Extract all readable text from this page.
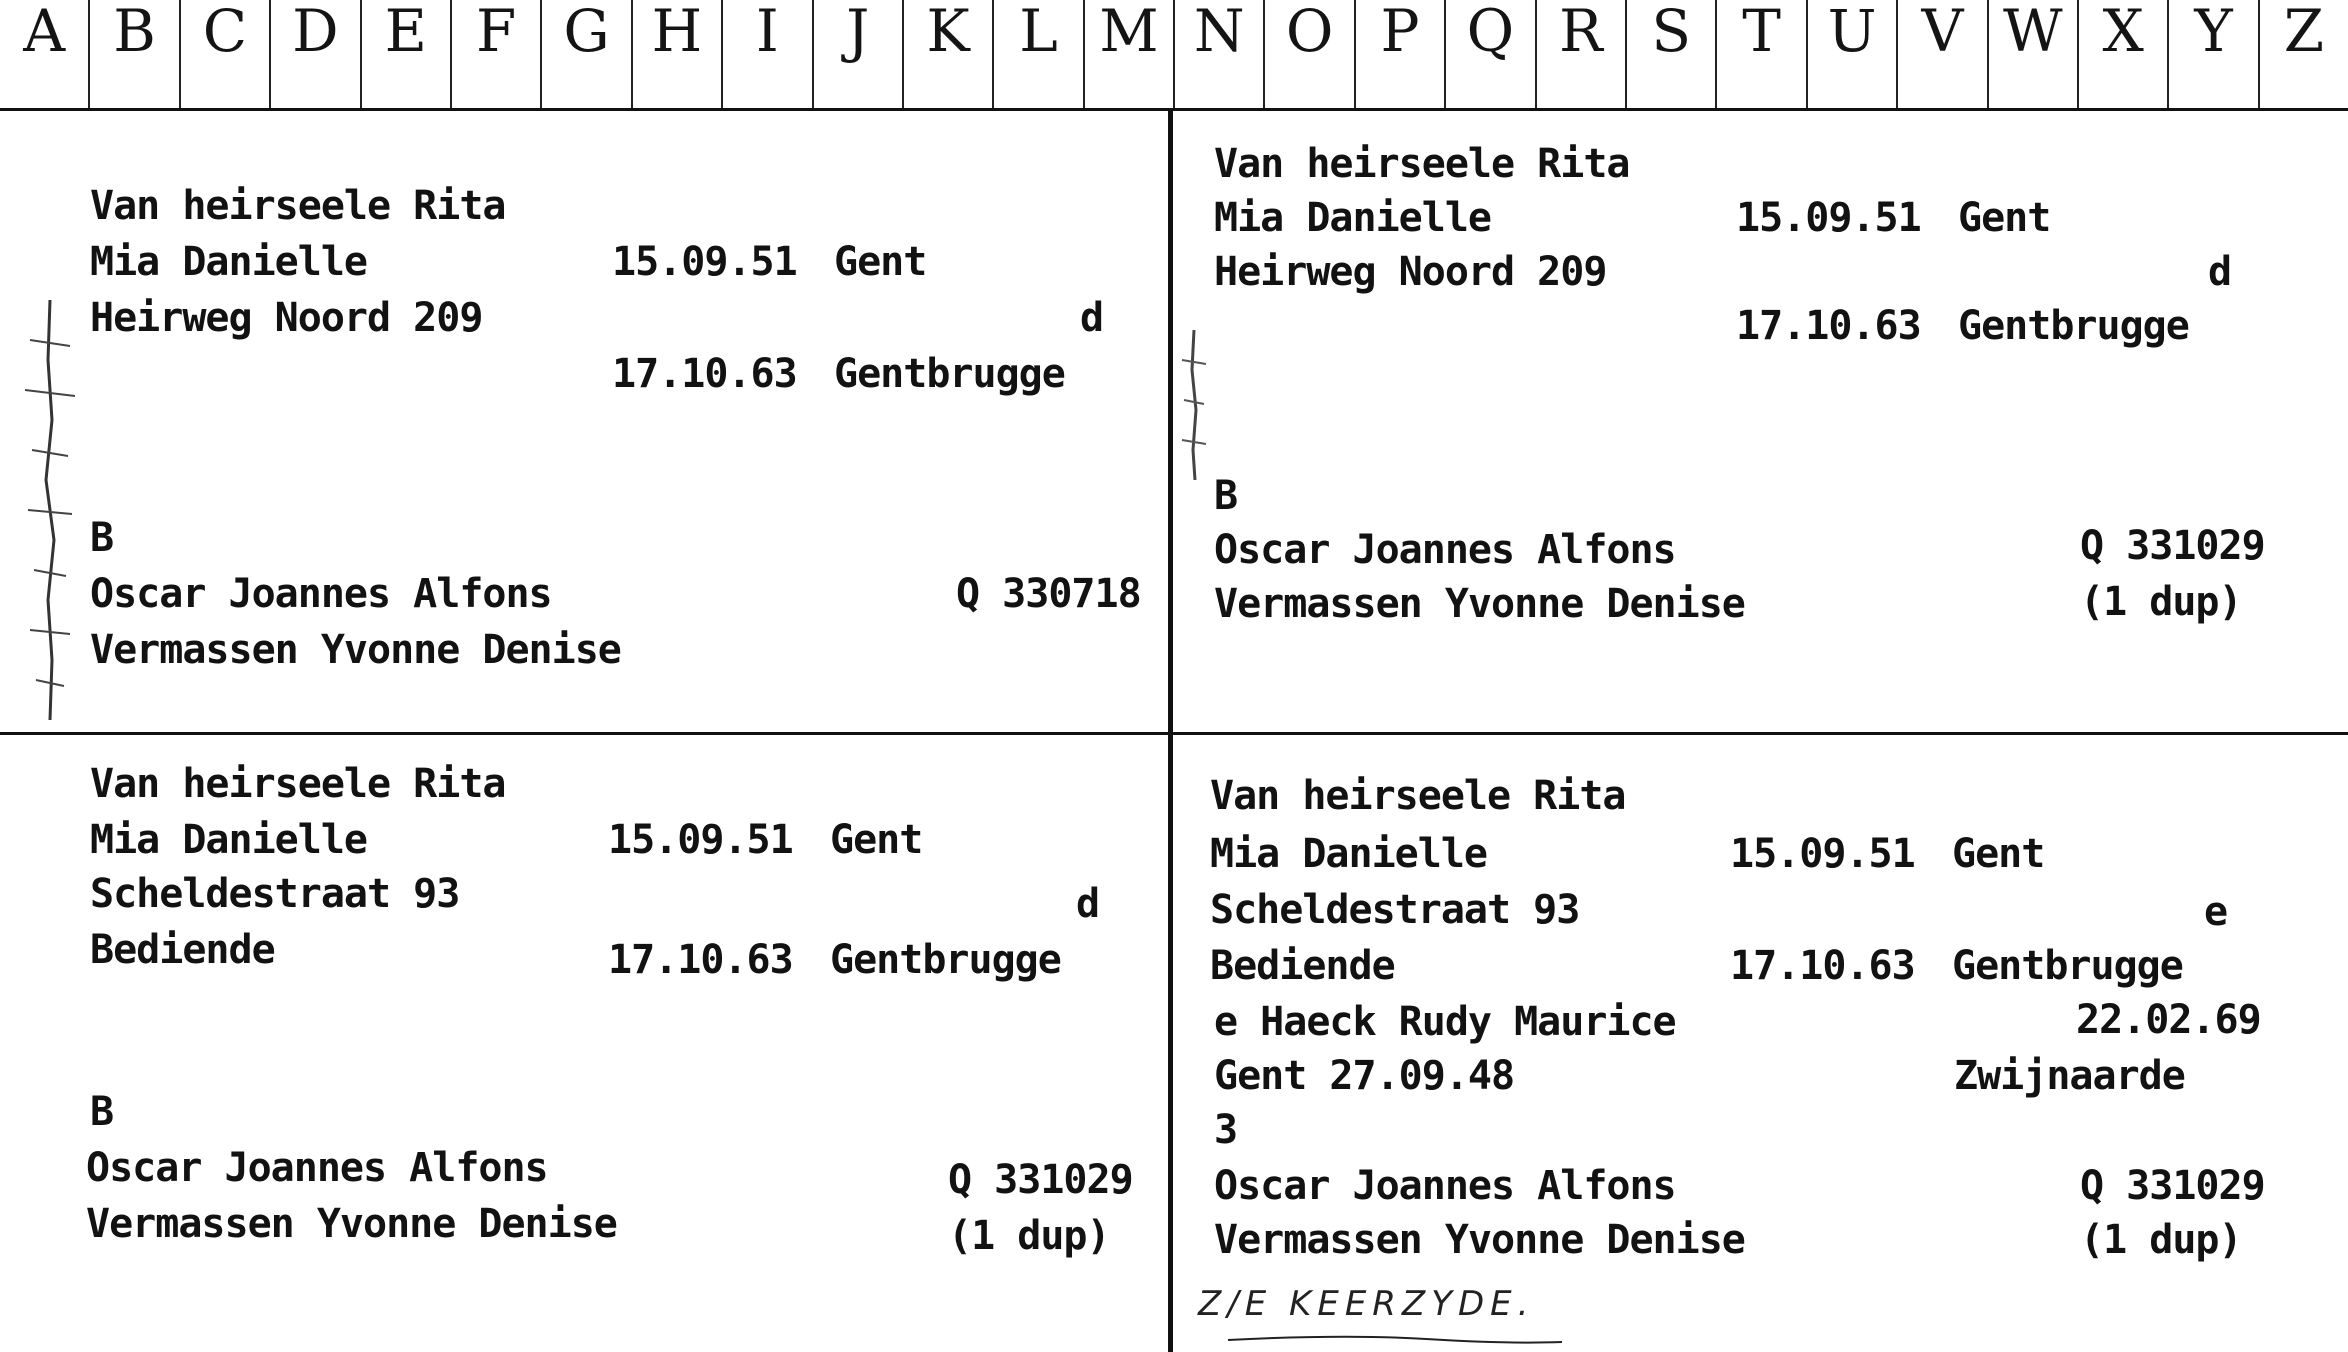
A B C D E F G H I	J K L M N O P Q R S T U V W X Y Z
Van heirseele Rita
Mia Danielle	15.09.51 Gent
Heirweg Noord 209	d
17.10.63 Gentbrugge
B
Oscar Joannes Alfons	Q 330718
Vermassen Yvonne Denise
Van heirseele Rita
Mia Danielle	15.09.51 Gent
Heirweg Noord 209	d
17.10.63 Gentbrugge
B
Oscar Joannes Alfons	Q 331029
Vermassen Yvonne Denise	(1 dup)
Van heirseele Rita
Mia Danielle	15.09.51 Gent
Scheldestraat 93	d
Bediende	17.10.63 Gentbrugge
B
Oscar Joannes Alfons	Q 331029
Vermassen Yvonne Denise	(1 dup)
Van heirseele Rita
Mia Danielle	15.09.51 Gent
Scheldestraat 93	e
Bediende	17.10.63 Gentbrugge
e Haeck Rudy Maurice	22.02.69
Gent 27.09.48	Zwijnaarde
3
Oscar Joannes Alfons	Q 331029
Vermassen Yvonne Denise	(1 dup)
Z/E KEERZYDE.
